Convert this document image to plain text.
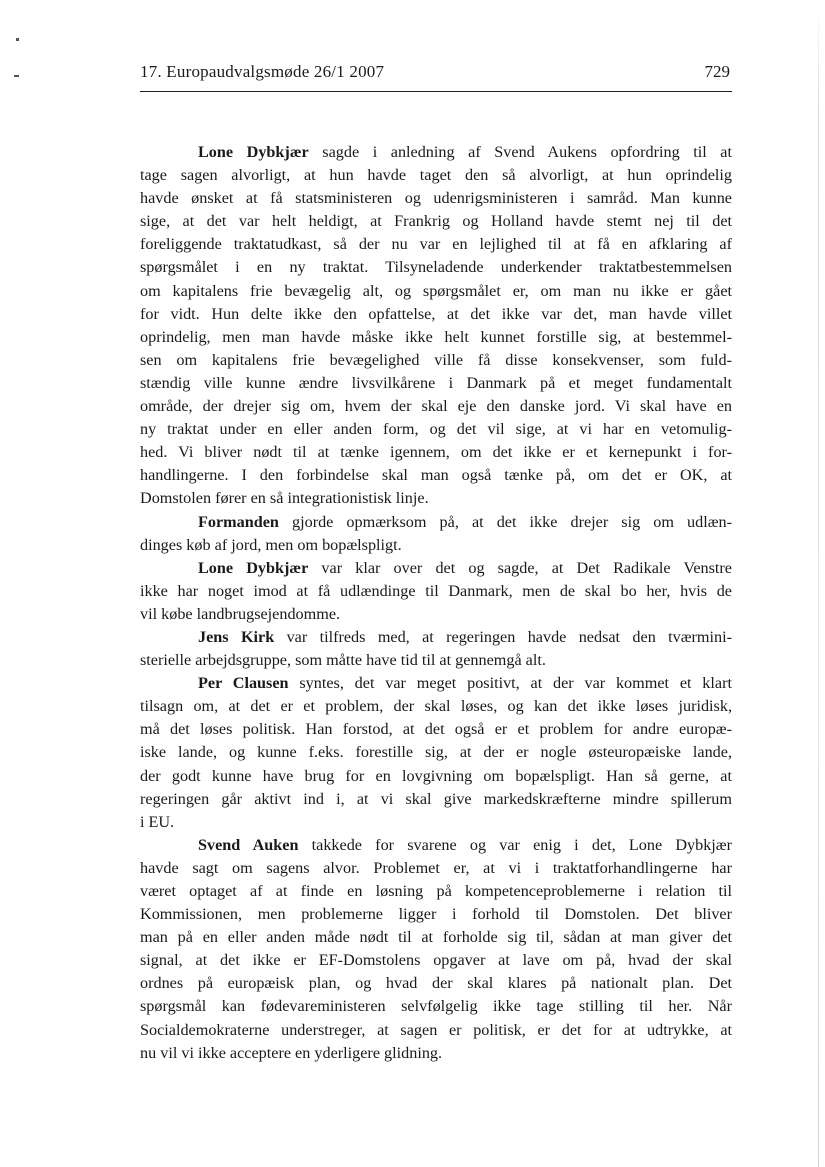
17. Europaudvalgsmøde 26/1 2007	729
Lone Dybkjær sagde i anledning af Svend Aukens opfordring til at
tage sagen alvorligt, at hun havde taget den så alvorligt, at hun oprindelig
havde ønsket at få statsministeren og udenrigsministeren i samråd. Man kunne
sige, at det var helt heldigt, at Frankrig og Holland havde stemt nej til det
foreliggende traktatudkast, så der nu var en lejlighed til at få en afklaring af
spørgsmålet i en ny traktat. Tilsyneladende underkender traktatbestemmelsen
om kapitalens frie bevægelig alt, og spørgsmålet er, om man nu ikke er gået
for vidt. Hun delte ikke den opfattelse, at det ikke var det, man havde villet
oprindelig, men man havde måske ikke helt kunnet forstille sig, at bestemmel-
sen om kapitalens frie bevægelighed ville få disse konsekvenser, som fuld-
stændig ville kunne ændre livsvilkårene i Danmark på et meget fundamentalt
område, der drejer sig om, hvem der skal eje den danske jord. Vi skal have en
ny traktat under en eller anden form, og det vil sige, at vi har en vetomulig-
hed. Vi bliver nødt til at tænke igennem, om det ikke er et kernepunkt i for-
handlingerne. I den forbindelse skal man også tænke på, om det er OK, at
Domstolen fører en så integrationistisk linje.
Formanden gjorde opmærksom på, at det ikke drejer sig om udlæn-
dinges køb af jord, men om bopælspligt.
Lone Dybkjær var klar over det og sagde, at Det Radikale Venstre
ikke har noget imod at få udlændinge til Danmark, men de skal bo her, hvis de
vil købe landbrugsejendomme.
Jens Kirk var tilfreds med, at regeringen havde nedsat den tværmini-
sterielle arbejdsgruppe, som måtte have tid til at gennemgå alt.
Per Clausen syntes, det var meget positivt, at der var kommet et klart
tilsagn om, at det er et problem, der skal løses, og kan det ikke løses juridisk,
må det løses politisk. Han forstod, at det også er et problem for andre europæ-
iske lande, og kunne f.eks. forestille sig, at der er nogle østeuropæiske lande,
der godt kunne have brug for en lovgivning om bopælspligt. Han så gerne, at
regeringen går aktivt ind i, at vi skal give markedskræfterne mindre spillerum
i EU.
Svend Auken takkede for svarene og var enig i det, Lone Dybkjær
havde sagt om sagens alvor. Problemet er, at vi i traktatforhandlingerne har
været optaget af at finde en løsning på kompetenceproblemerne i relation til
Kommissionen, men problemerne ligger i forhold til Domstolen. Det bliver
man på en eller anden måde nødt til at forholde sig til, sådan at man giver det
signal, at det ikke er EF-Domstolens opgaver at lave om på, hvad der skal
ordnes på europæisk plan, og hvad der skal klares på nationalt plan. Det
spørgsmål kan fødevareministeren selvfølgelig ikke tage stilling til her. Når
Socialdemokraterne understreger, at sagen er politisk, er det for at udtrykke, at
nu vil vi ikke acceptere en yderligere glidning.
